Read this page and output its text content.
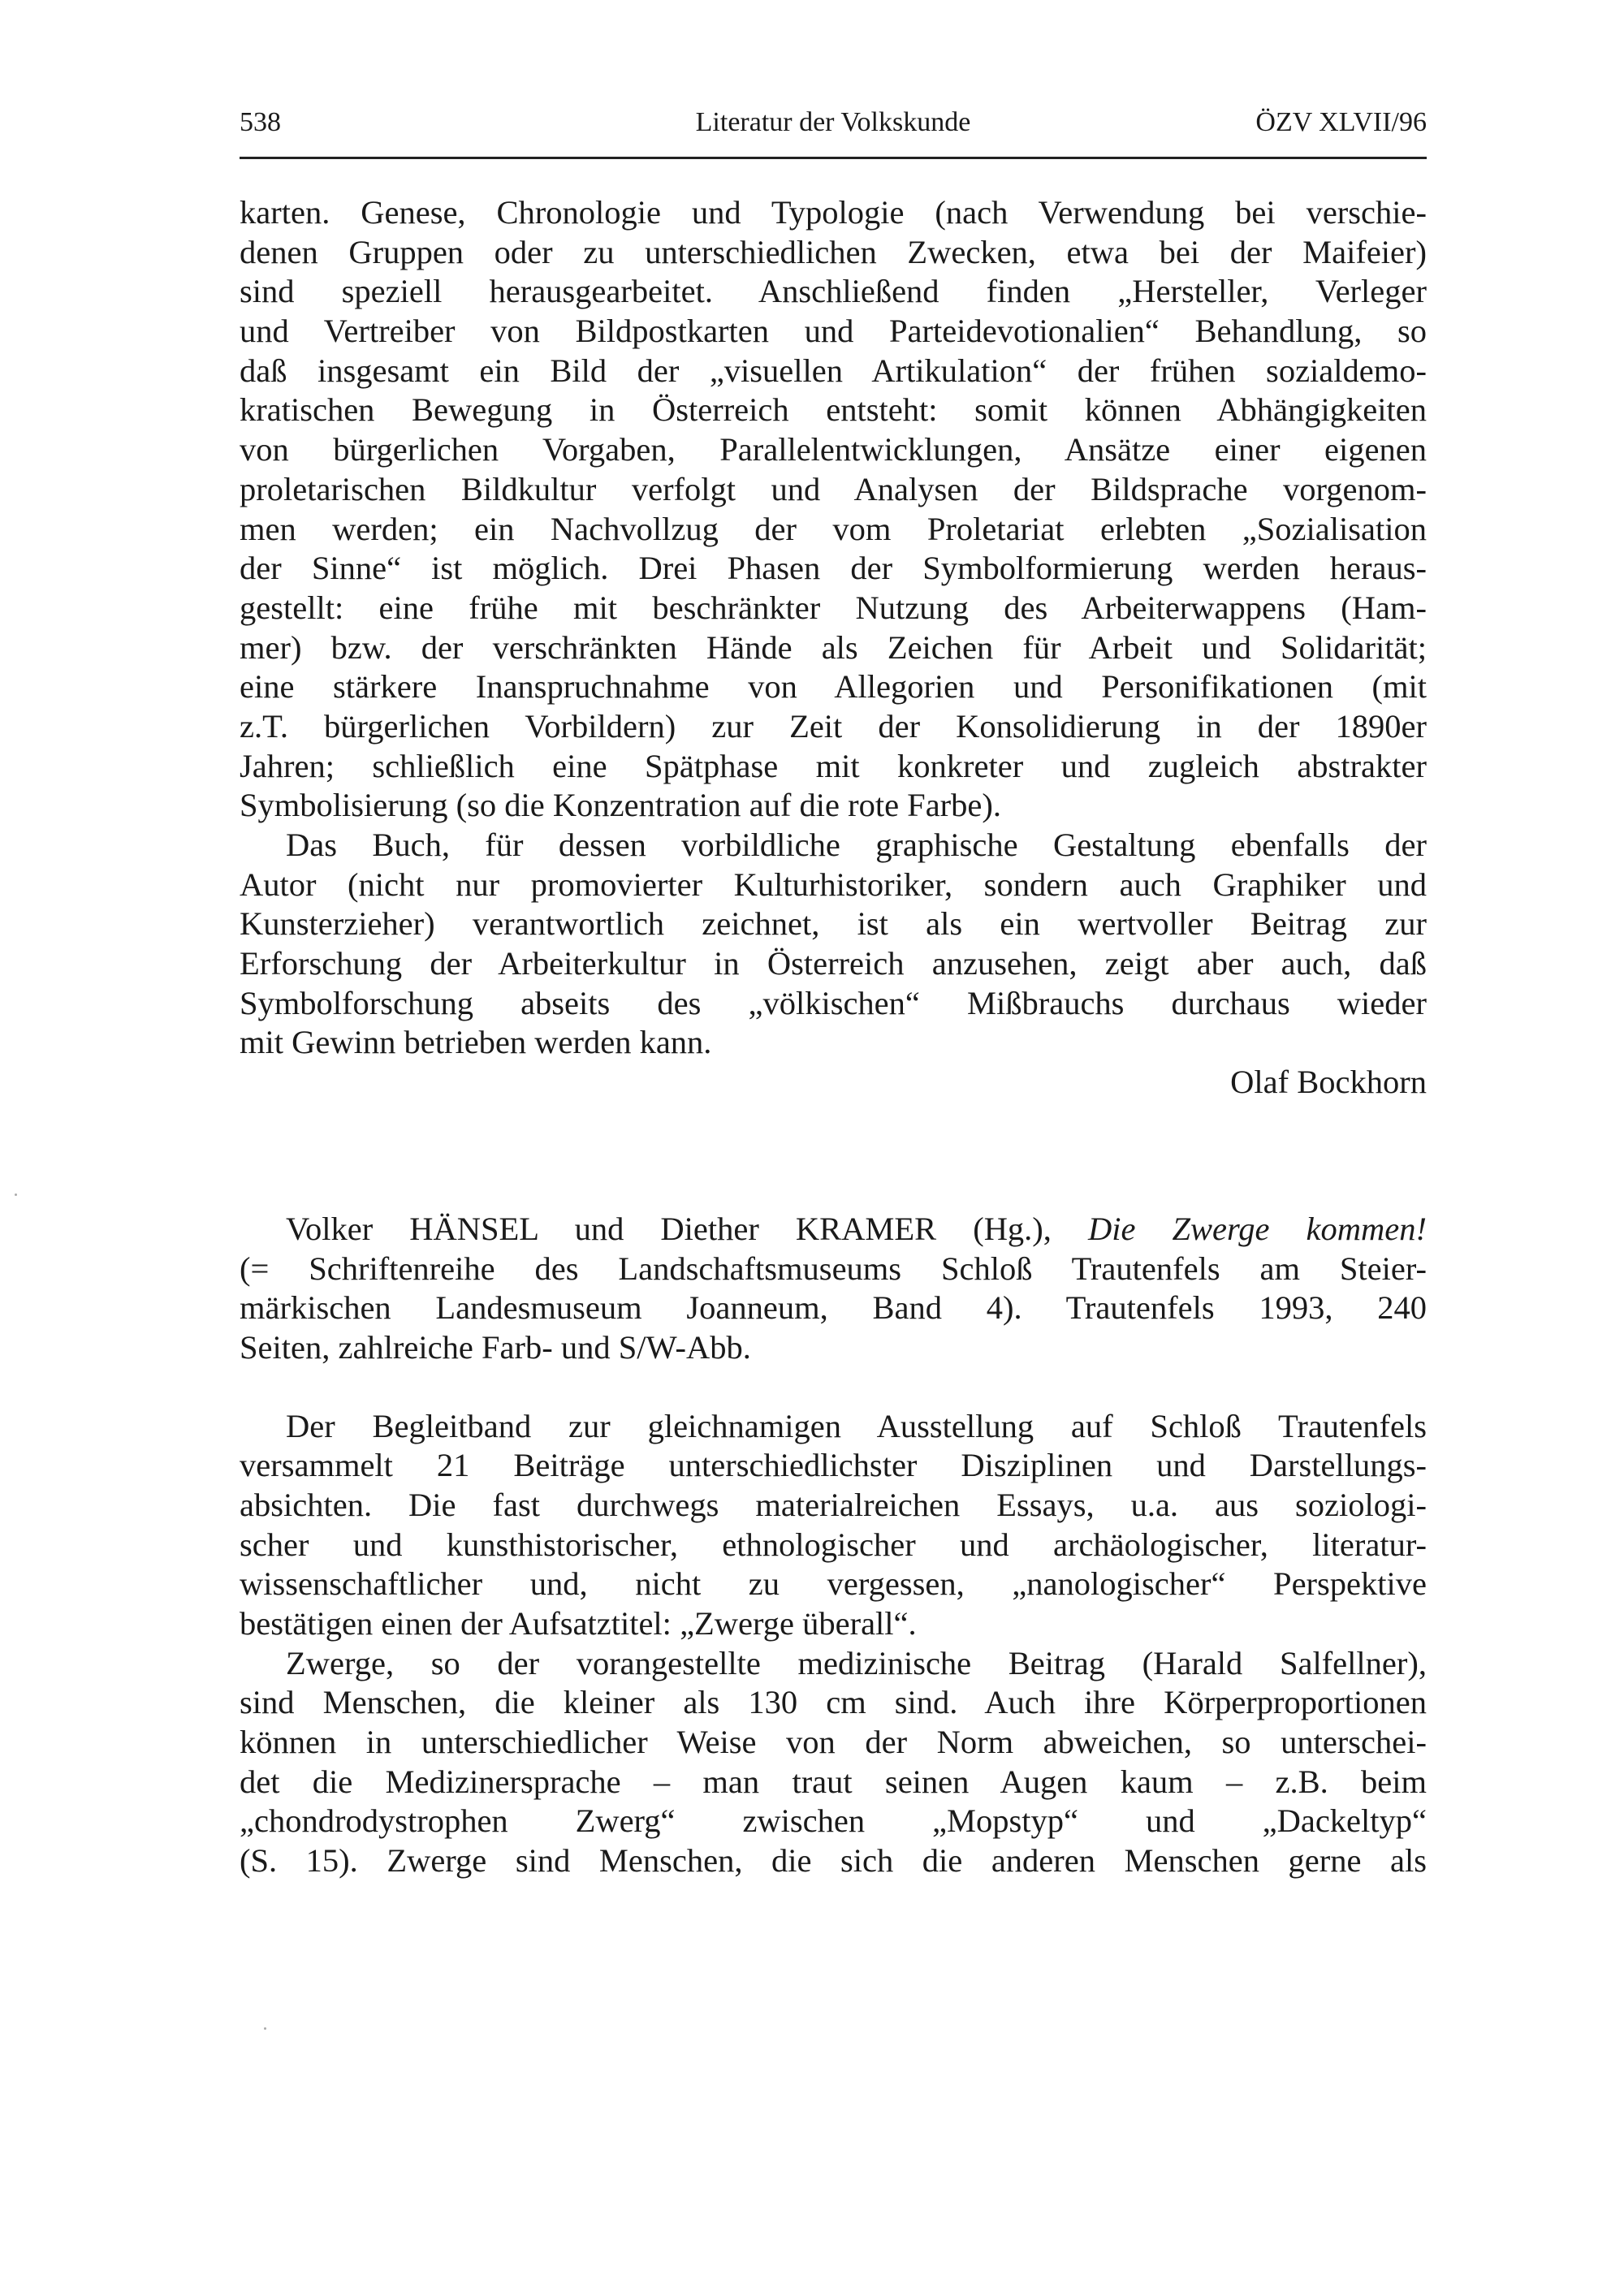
538	Literatur der Volkskunde	ÖZV XLVII/96
karten. Genese, Chronologie und Typologie (nach Verwendung bei verschie-
denen Gruppen oder zu unterschiedlichen Zwecken, etwa bei der Maifeier)
sind speziell herausgearbeitet. Anschließend finden „Hersteller, Verleger
und Vertreiber von Bildpostkarten und Parteidevotionalien“ Behandlung, so
daß insgesamt ein Bild der „visuellen Artikulation“ der frühen sozialdemo-
kratischen Bewegung in Österreich entsteht: somit können Abhängigkeiten
von bürgerlichen Vorgaben, Parallelentwicklungen, Ansätze einer eigenen
proletarischen Bildkultur verfolgt und Analysen der Bildsprache vorgenom-
men werden; ein Nachvollzug der vom Proletariat erlebten „Sozialisation
der Sinne“ ist möglich. Drei Phasen der Symbolformierung werden heraus-
gestellt: eine frühe mit beschränkter Nutzung des Arbeiterwappens (Ham-
mer) bzw. der verschränkten Hände als Zeichen für Arbeit und Solidarität;
eine stärkere Inanspruchnahme von Allegorien und Personifikationen (mit
z.T. bürgerlichen Vorbildern) zur Zeit der Konsolidierung in der 1890er
Jahren; schließlich eine Spätphase mit konkreter und zugleich abstrakter
Symbolisierung (so die Konzentration auf die rote Farbe).
Das Buch, für dessen vorbildliche graphische Gestaltung ebenfalls der
Autor (nicht nur promovierter Kulturhistoriker, sondern auch Graphiker und
Kunsterzieher) verantwortlich zeichnet, ist als ein wertvoller Beitrag zur
Erforschung der Arbeiterkultur in Österreich anzusehen, zeigt aber auch, daß
Symbolforschung abseits des „völkischen“ Mißbrauchs durchaus wieder
mit Gewinn betrieben werden kann.
Olaf Bockhorn
Volker HÄNSEL und Diether KRAMER (Hg.), Die Zwerge kommen!
(= Schriftenreihe des Landschaftsmuseums Schloß Trautenfels am Steier-
märkischen Landesmuseum Joanneum, Band 4). Trautenfels 1993, 240
Seiten, zahlreiche Farb- und S/W-Abb.
Der Begleitband zur gleichnamigen Ausstellung auf Schloß Trautenfels
versammelt 21 Beiträge unterschiedlichster Disziplinen und Darstellungs-
absichten. Die fast durchwegs materialreichen Essays, u.a. aus soziologi-
scher und kunsthistorischer, ethnologischer und archäologischer, literatur-
wissenschaftlicher und, nicht zu vergessen, „nanologischer“ Perspektive
bestätigen einen der Aufsatztitel: „Zwerge überall“.
Zwerge, so der vorangestellte medizinische Beitrag (Harald Salfellner),
sind Menschen, die kleiner als 130 cm sind. Auch ihre Körperproportionen
können in unterschiedlicher Weise von der Norm abweichen, so unterschei-
det die Medizinersprache – man traut seinen Augen kaum – z.B. beim
„chondrodystrophen Zwerg“ zwischen „Mopstyp“ und „Dackeltyp“
(S. 15). Zwerge sind Menschen, die sich die anderen Menschen gerne als
